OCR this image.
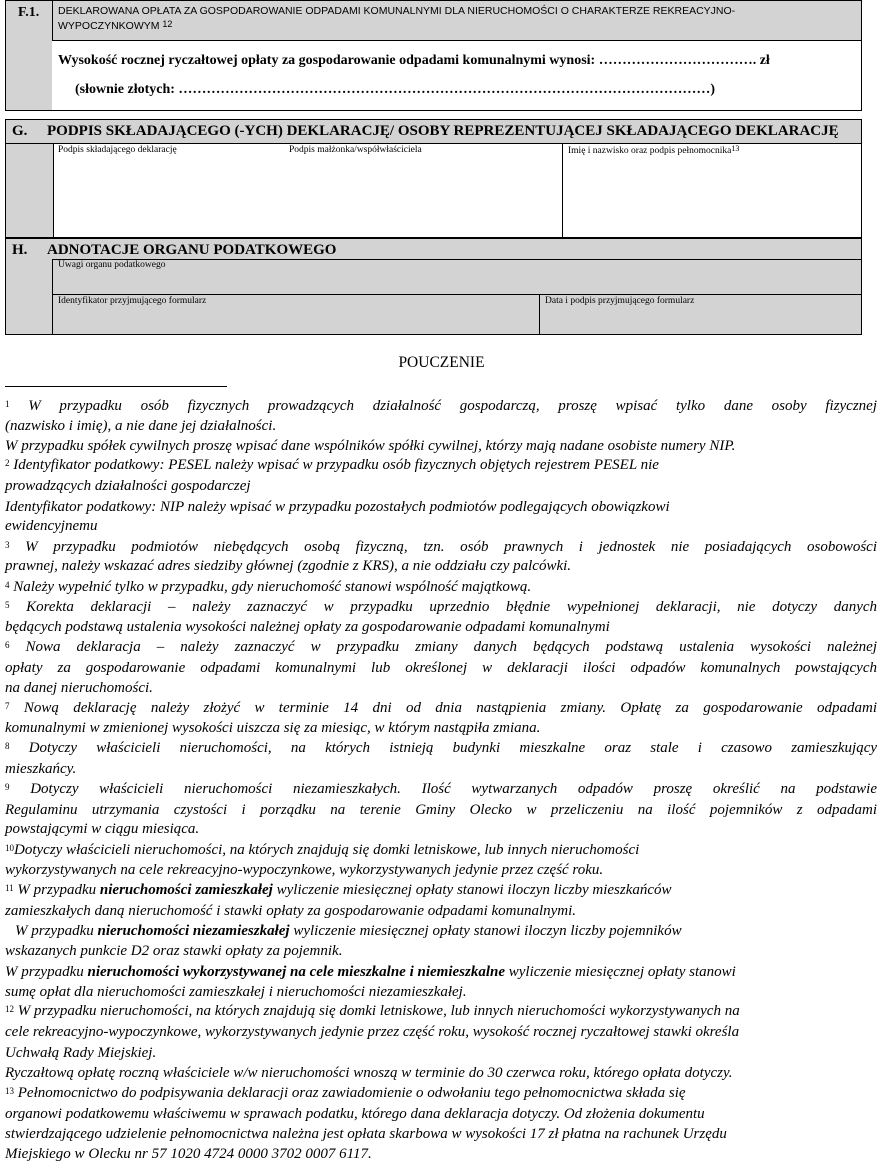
F.1. DEKLAROWANA OPŁATA ZA GOSPODAROWANIE ODPADAMI KOMUNALNYMI DLA NIERUCHOMOŚCI O CHARAKTERZE REKREACYJNO-
WYPOCZYNKOWYM 12
Wysokość rocznej ryczałtowej opłaty za gospodarowanie odpadami komunalnymi wynosi: ……………………………. zł
(słownie złotych: ……………………………………………………………………………………………………)
G. PODPIS SKŁADAJĄCEGO (-YCH) DEKLARACJĘ/ OSOBY REPREZENTUJĄCEJ SKŁADAJĄCEGO DEKLARACJĘ
Podpis składającego deklarację	Podpis małżonka/współwłaściciela	Imię i nazwisko oraz podpis pełnomocnika$^{13}$
H. ADNOTACJE ORGANU PODATKOWEGO
Uwagi organu podatkowego
Identyfikator przyjmującego formularz	Data i podpis przyjmującego formularz
POUCZENIE
$^1$ W przypadku osób fizycznych prowadzących działalność gospodarczą, proszę wpisać tylko dane osoby fizycznej
(nazwisko i imię), a nie dane jej działalności.
W przypadku spółek cywilnych proszę wpisać dane wspólników spółki cywilnej, którzy mają nadane osobiste numery NIP.
$^2$ Identyfikator podatkowy: PESEL należy wpisać w przypadku osób fizycznych objętych rejestrem PESEL nie
prowadzących działalności gospodarczej
Identyfikator podatkowy: NIP należy wpisać w przypadku pozostałych podmiotów podlegających obowiązkowi
ewidencyjnemu
$^3$ W przypadku podmiotów niebędących osobą fizyczną, tzn. osób prawnych i jednostek nie posiadających osobowości
prawnej, należy wskazać adres siedziby głównej (zgodnie z KRS), a nie oddziału czy palcówki.
$^4$ Należy wypełnić tylko w przypadku, gdy nieruchomość stanowi wspólność majątkową.
$^5$ Korekta deklaracji – należy zaznaczyć w przypadku uprzednio błędnie wypełnionej deklaracji, nie dotyczy danych
będących podstawą ustalenia wysokości należnej opłaty za gospodarowanie odpadami komunalnymi
$^6$ Nowa deklaracja – należy zaznaczyć w przypadku zmiany danych będących podstawą ustalenia wysokości należnej
opłaty za gospodarowanie odpadami komunalnymi lub określonej w deklaracji ilości odpadów komunalnych powstających
na danej nieruchomości.
$^7$ Nową deklarację należy złożyć w terminie 14 dni od dnia nastąpienia zmiany. Opłatę za gospodarowanie odpadami
komunalnymi w zmienionej wysokości uiszcza się za miesiąc, w którym nastąpiła zmiana.
$^8$ Dotyczy właścicieli nieruchomości, na których istnieją budynki mieszkalne oraz stale i czasowo zamieszkujący
mieszkańcy.
$^9$ Dotyczy właścicieli nieruchomości niezamieszkałych. Ilość wytwarzanych odpadów proszę określić na podstawie
Regulaminu utrzymania czystości i porządku na terenie Gminy Olecko w przeliczeniu na ilość pojemników z odpadami
powstającymi w ciągu miesiąca.
$^{10}$Dotyczy właścicieli nieruchomości, na których znajdują się domki letniskowe, lub innych nieruchomości
wykorzystywanych na cele rekreacyjno-wypoczynkowe, wykorzystywanych jedynie przez część roku.
$^{11}$ W przypadku nieruchomości zamieszkałej wyliczenie miesięcznej opłaty stanowi iloczyn liczby mieszkańców
zamieszkałych daną nieruchomość i stawki opłaty za gospodarowanie odpadami komunalnymi.
W przypadku nieruchomości niezamieszkałej wyliczenie miesięcznej opłaty stanowi iloczyn liczby pojemników
wskazanych punkcie D2 oraz stawki opłaty za pojemnik.
W przypadku nieruchomości wykorzystywanej na cele mieszkalne i niemieszkalne wyliczenie miesięcznej opłaty stanowi
sumę opłat dla nieruchomości zamieszkałej i nieruchomości niezamieszkałej.
$^{12}$ W przypadku nieruchomości, na których znajdują się domki letniskowe, lub innych nieruchomości wykorzystywanych na
cele rekreacyjno-wypoczynkowe, wykorzystywanych jedynie przez część roku, wysokość rocznej ryczałtowej stawki określa
Uchwałą Rady Miejskiej.
Ryczałtową opłatę roczną właściciele w/w nieruchomości wnoszą w terminie do 30 czerwca roku, którego opłata dotyczy.
$^{13}$ Pełnomocnictwo do podpisywania deklaracji oraz zawiadomienie o odwołaniu tego pełnomocnictwa składa się
organowi podatkowemu właściwemu w sprawach podatku, którego dana deklaracja dotyczy. Od złożenia dokumentu
stwierdzającego udzielenie pełnomocnictwa należna jest opłata skarbowa w wysokości 17 zł płatna na rachunek Urzędu
Miejskiego w Olecku nr 57 1020 4724 0000 3702 0007 6117.
